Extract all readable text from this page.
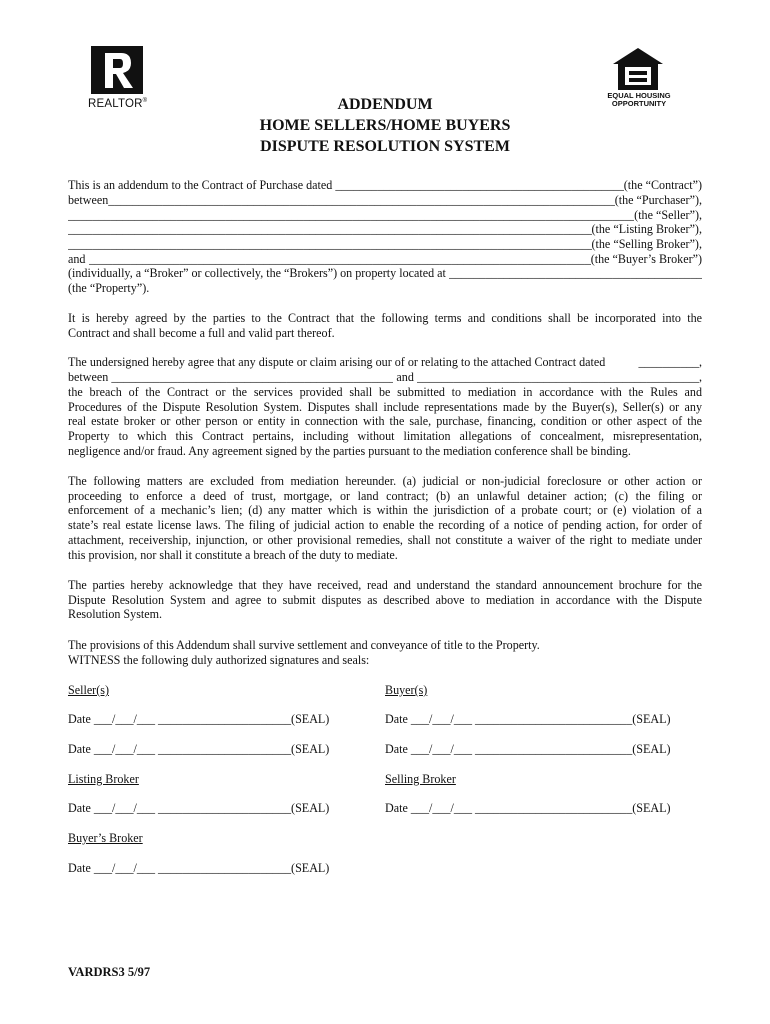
REALTOR®
EQUAL HOUSING
OPPORTUNITY
ADDENDUM
HOME SELLERS/HOME BUYERS
DISPUTE RESOLUTION SYSTEM
This is an addendum to the Contract of Purchase dated
_____	(the “Contract”)
between _____	(the “Purchaser”),
_____
(the “Seller”),
_____
(the “Listing Broker”),
_____
(the “Selling Broker”),
and
_____	(the “Buyer’s Broker”)
(individually, a “Broker” or collectively, the “Brokers”) on property located at

_____
(the “Property”).
It is hereby agreed by the parties to the Contract that the following terms and conditions shall be incorporated into the
Contract and shall become a full and valid part thereof.
The undersigned hereby agree that any dispute or claim arising our of or relating to the attached Contract dated	__________,
between
_____
	and
_____	,
the breach of the Contract or the services provided shall be submitted to mediation in accordance with the Rules and
Procedures of the Dispute Resolution System. Disputes shall include representations made by the Buyer(s), Seller(s) or any
real estate broker or other person or entity in connection with the sale, purchase, financing, condition or other aspect of the
Property to which this Contract pertains, including without limitation allegations of concealment, misrepresentation,
negligence and/or fraud. Any agreement signed by the parties pursuant to the mediation conference shall be binding.
The following matters are excluded from mediation hereunder. (a) judicial or non-judicial foreclosure or other action or
proceeding to enforce a deed of trust, mortgage, or land contract; (b) an unlawful detainer action; (c) the filing or
enforcement of a mechanic’s lien; (d) any matter which is within the jurisdiction of a probate court; or (e) violation of a
state’s real estate license laws. The filing of judicial action to enable the recording of a notice of pending action, for order of
attachment, receivership, injunction, or other provisional remedies, shall not constitute a waiver of the right to mediate under
this provision, nor shall it constitute a breach of the duty to mediate.
The parties hereby acknowledge that they have received, read and understand the standard announcement brochure for the
Dispute Resolution System and agree to submit disputes as described above to mediation in accordance with the Dispute
Resolution System.
The provisions of this Addendum shall survive settlement and conveyance of title to the Property.
WITNESS the following duly authorized signatures and seals:
Seller(s)	Buyer(s)
Date ___/___/___ ______________________(SEAL)	Date ___/___/___ __________________________(SEAL)
Date ___/___/___ ______________________(SEAL)	Date ___/___/___ __________________________(SEAL)
Listing Broker	Selling Broker
Date ___/___/___ ______________________(SEAL)	Date ___/___/___ __________________________(SEAL)
Buyer’s Broker
Date ___/___/___ ______________________(SEAL)
VARDRS3 5/97
